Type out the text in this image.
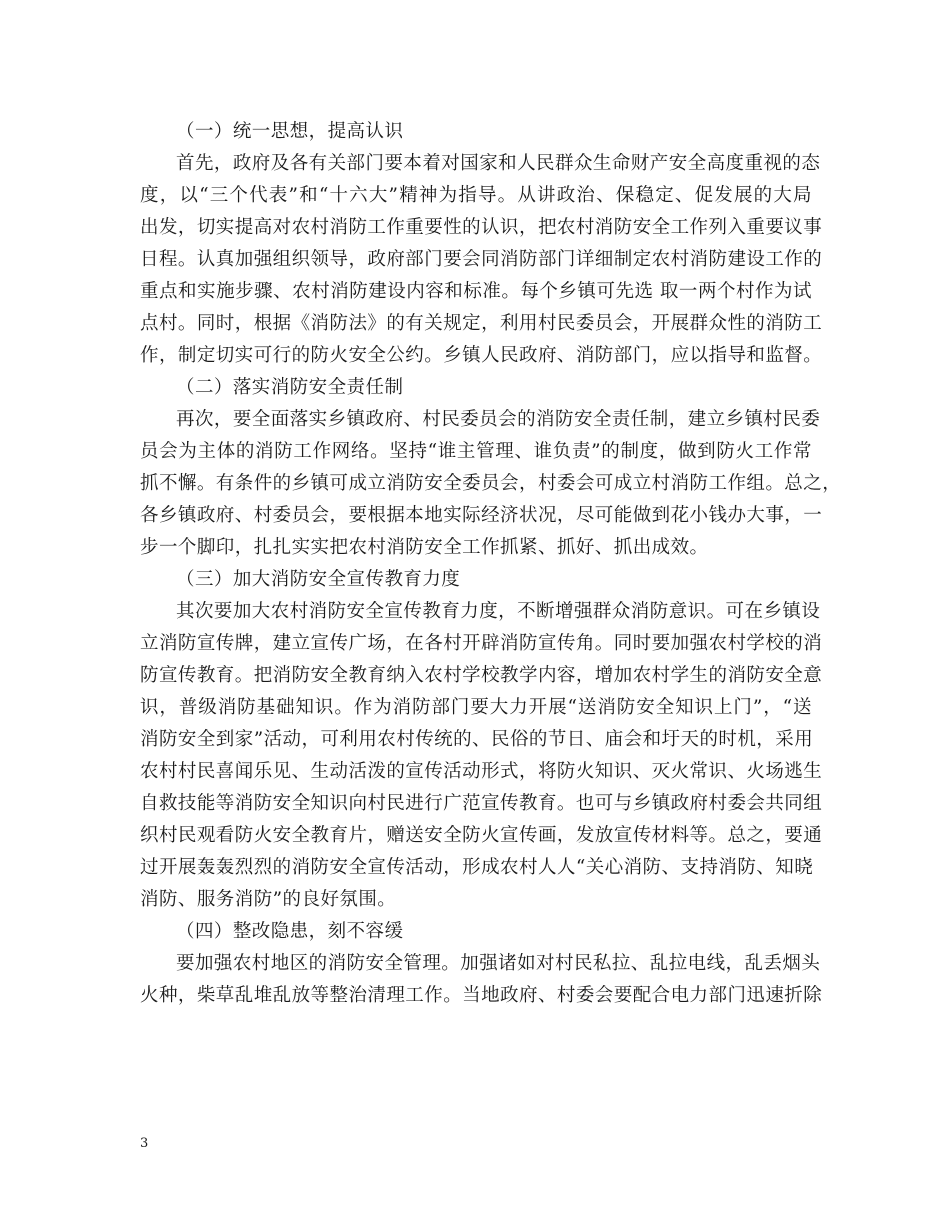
（一）统一思想，提高认识
首先，政府及各有关部门要本着对国家和人民群众生命财产安全高度重视的态
度，以“三个代表”和“十六大”精神为指导。从讲政治、保稳定、促发展的大局
出发，切实提高对农村消防工作重要性的认识，把农村消防安全工作列入重要议事
日程。认真加强组织领导，政府部门要会同消防部门详细制定农村消防建设工作的
重点和实施步骤、农村消防建设内容和标准。每个乡镇可先选 取一两个村作为试
点村。同时，根据《消防法》的有关规定，利用村民委员会，开展群众性的消防工
作，制定切实可行的防火安全公约。乡镇人民政府、消防部门，应以指导和监督。
（二）落实消防安全责任制
再次，要全面落实乡镇政府、村民委员会的消防安全责任制，建立乡镇村民委
员会为主体的消防工作网络。坚持“谁主管理、谁负责”的制度，做到防火工作常
抓不懈。有条件的乡镇可成立消防安全委员会，村委会可成立村消防工作组。总之，
各乡镇政府、村委员会，要根据本地实际经济状况，尽可能做到花小钱办大事，一
步一个脚印，扎扎实实把农村消防安全工作抓紧、抓好、抓出成效。
（三）加大消防安全宣传教育力度
其次要加大农村消防安全宣传教育力度，不断增强群众消防意识。可在乡镇设
立消防宣传牌，建立宣传广场，在各村开辟消防宣传角。同时要加强农村学校的消
防宣传教育。把消防安全教育纳入农村学校教学内容，增加农村学生的消防安全意
识，普级消防基础知识。作为消防部门要大力开展“送消防安全知识上门”，“送
消防安全到家”活动，可利用农村传统的、民俗的节日、庙会和圩天的时机，采用
农村村民喜闻乐见、生动活泼的宣传活动形式，将防火知识、灭火常识、火场逃生
自救技能等消防安全知识向村民进行广范宣传教育。也可与乡镇政府村委会共同组
织村民观看防火安全教育片，赠送安全防火宣传画，发放宣传材料等。总之，要通
过开展轰轰烈烈的消防安全宣传活动，形成农村人人“关心消防、支持消防、知晓
消防、服务消防”的良好氛围。
（四）整改隐患，刻不容缓
要加强农村地区的消防安全管理。加强诸如对村民私拉、乱拉电线，乱丢烟头
火种，柴草乱堆乱放等整治清理工作。当地政府、村委会要配合电力部门迅速折除
3
